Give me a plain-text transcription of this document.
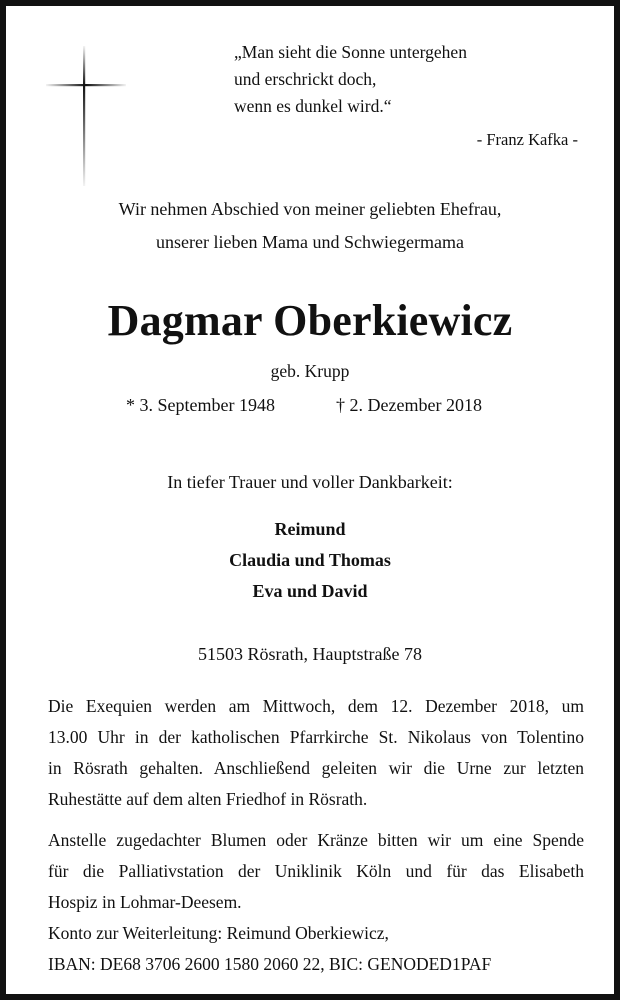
„Man sieht die Sonne untergehen
und erschrickt doch,
wenn es dunkel wird.“
- Franz Kafka -
Wir nehmen Abschied von meiner geliebten Ehefrau,
unserer lieben Mama und Schwiegermama
Dagmar Oberkiewicz
geb. Krupp
* 3. September 1948	† 2. Dezember 2018
In tiefer Trauer und voller Dankbarkeit:
Reimund
Claudia und Thomas
Eva und David
51503 Rösrath, Hauptstraße 78
Die Exequien werden am Mittwoch, dem 12. Dezember 2018, um
13.00 Uhr in der katholischen Pfarrkirche St. Nikolaus von Tolentino
in Rösrath gehalten. Anschließend geleiten wir die Urne zur letzten
Ruhestätte auf dem alten Friedhof in Rösrath.
Anstelle zugedachter Blumen oder Kränze bitten wir um eine Spende
für die Palliativstation der Uniklinik Köln und für das Elisabeth
Hospiz in Lohmar-Deesem.
Konto zur Weiterleitung: Reimund Oberkiewicz,
IBAN: DE68 3706 2600 1580 2060 22, BIC: GENODED1PAF
